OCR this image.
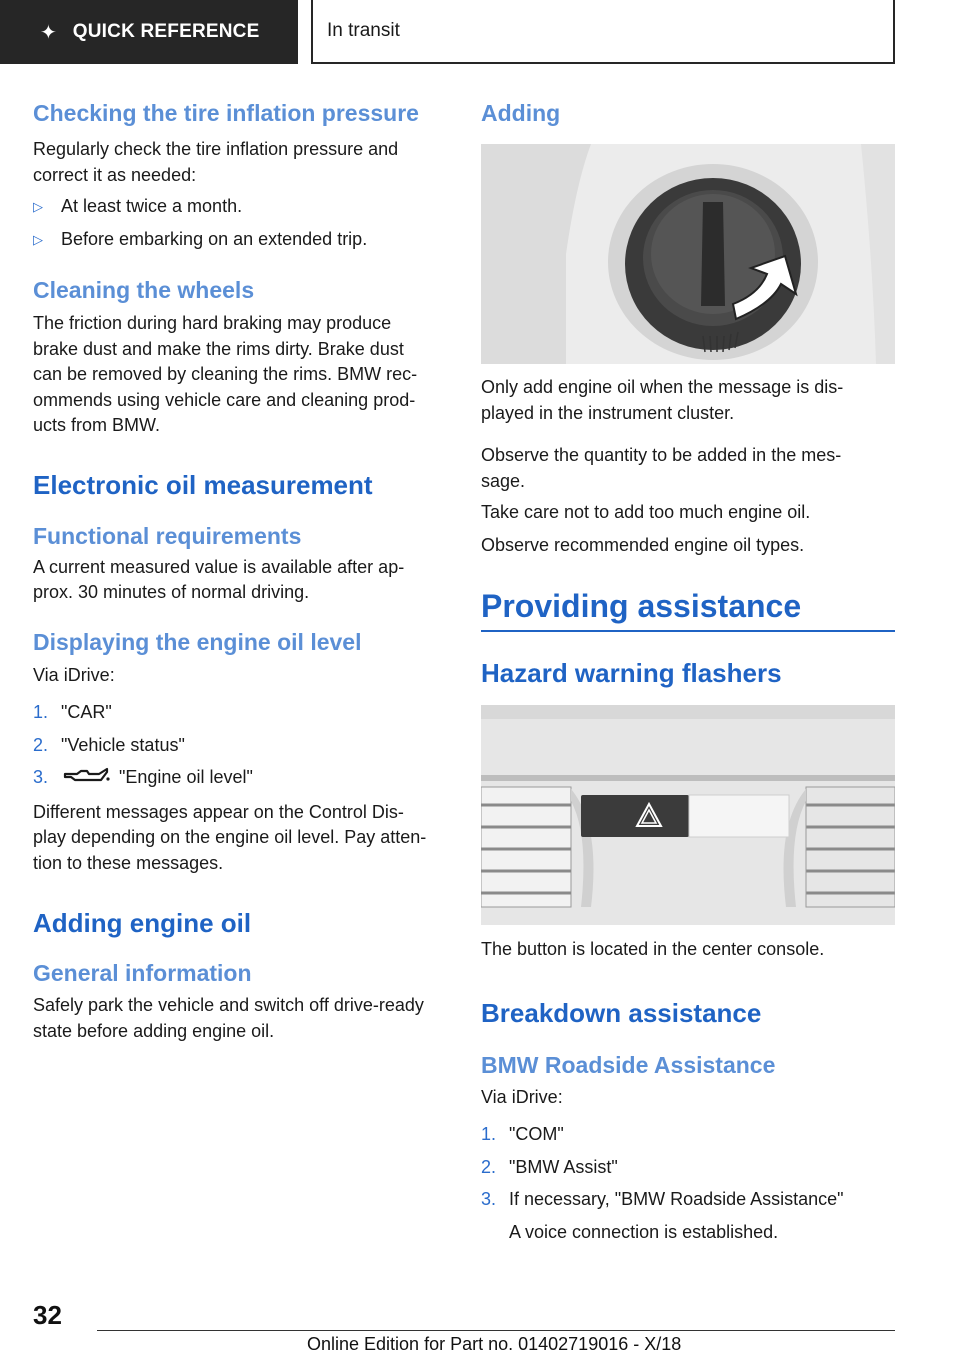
✦ QUICK REFERENCE	In transit
Checking the tire inflation pressure

Regularly check the tire inflation pressure and

correct it as needed:

▷	At least twice a month.
▷	Before embarking on an extended trip.
Cleaning the wheels

The friction during hard braking may produce

brake dust and make the rims dirty. Brake dust

can be removed by cleaning the rims. BMW rec-

ommends using vehicle care and cleaning prod-

ucts from BMW.

Electronic oil measurement
Functional requirements

A current measured value is available after ap-

prox. 30 minutes of normal driving.

Displaying the engine oil level

Via iDrive:

1. "CAR"
2. "Vehicle status"
3.	"Engine oil level"

Different messages appear on the Control Dis-

play depending on the engine oil level. Pay atten-

tion to these messages.

Adding engine oil
General information

Safely park the vehicle and switch off drive-ready

state before adding engine oil.

Adding

Only add engine oil when the message is dis-

played in the instrument cluster.

Observe the quantity to be added in the mes-

sage.

Take care not to add too much engine oil.

Observe recommended engine oil types.

Providing assistance
Hazard warning flashers

The button is located in the center console.

Breakdown assistance
BMW Roadside Assistance

Via iDrive:

1. "COM"
2. "BMW Assist"
3. If necessary, "BMW Roadside Assistance"
A voice connection is established.
32
Online Edition for Part no. 01402719016 - X/18
